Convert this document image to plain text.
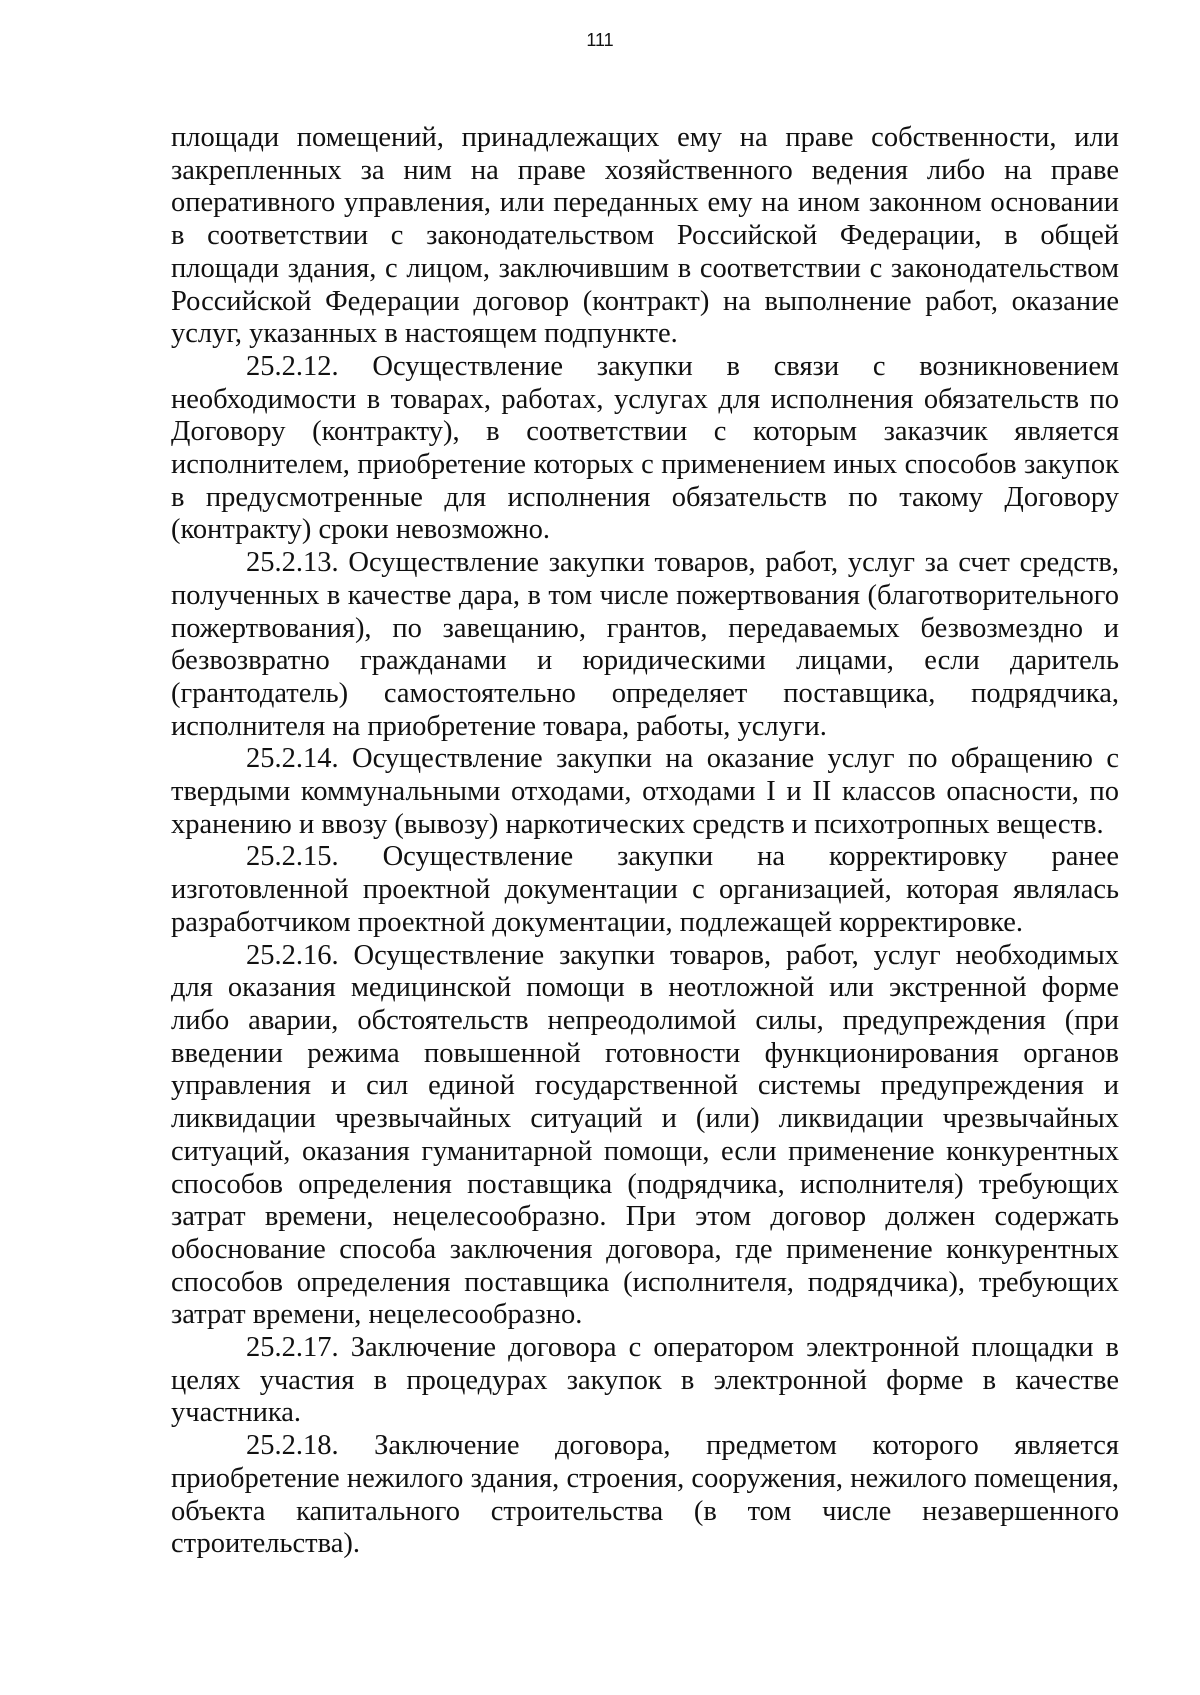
111

площади помещений, принадлежащих ему на праве собственности, или закрепленных за ним на праве хозяйственного ведения либо на праве оперативного управления, или переданных ему на ином законном основании в соответствии с законодательством Российской Федерации, в общей площади здания, с лицом, заключившим в соответствии с законодательством Российской Федерации договор (контракт) на выполнение работ, оказание услуг, указанных в настоящем подпункте.

25.2.12. Осуществление закупки в связи с возникновением необходимости в товарах, работах, услугах для исполнения обязательств по Договору (контракту), в соответствии с которым заказчик является исполнителем, приобретение которых с применением иных способов закупок в предусмотренные для исполнения обязательств по такому Договору (контракту) сроки невозможно.

25.2.13. Осуществление закупки товаров, работ, услуг за счет средств, полученных в качестве дара, в том числе пожертвования (благотворительного пожертвования), по завещанию, грантов, передаваемых безвозмездно и безвозвратно гражданами и юридическими лицами, если даритель (грантодатель) самостоятельно определяет поставщика, подрядчика, исполнителя на приобретение товара, работы, услуги.

25.2.14. Осуществление закупки на оказание услуг по обращению с твердыми коммунальными отходами, отходами I и II классов опасности, по хранению и ввозу (вывозу) наркотических средств и психотропных веществ.

25.2.15. Осуществление закупки на корректировку ранее изготовленной проектной документации с организацией, которая являлась разработчиком проектной документации, подлежащей корректировке.

25.2.16. Осуществление закупки товаров, работ, услуг необходимых для оказания медицинской помощи в неотложной или экстренной форме либо аварии, обстоятельств непреодолимой силы, предупреждения (при введении режима повышенной готовности функционирования органов управления и сил единой государственной системы предупреждения и ликвидации чрезвычайных ситуаций и (или) ликвидации чрезвычайных ситуаций, оказания гуманитарной помощи, если применение конкурентных способов определения поставщика (подрядчика, исполнителя) требующих затрат времени, нецелесообразно. При этом договор должен содержать обоснование способа заключения договора, где применение конкурентных способов определения поставщика (исполнителя, подрядчика), требующих затрат времени, нецелесообразно.

25.2.17. Заключение договора с оператором электронной площадки в целях участия в процедурах закупок в электронной форме в качестве участника.

25.2.18. Заключение договора, предметом которого является приобретение нежилого здания, строения, сооружения, нежилого помещения, объекта капитального строительства (в том числе незавершенного строительства).
